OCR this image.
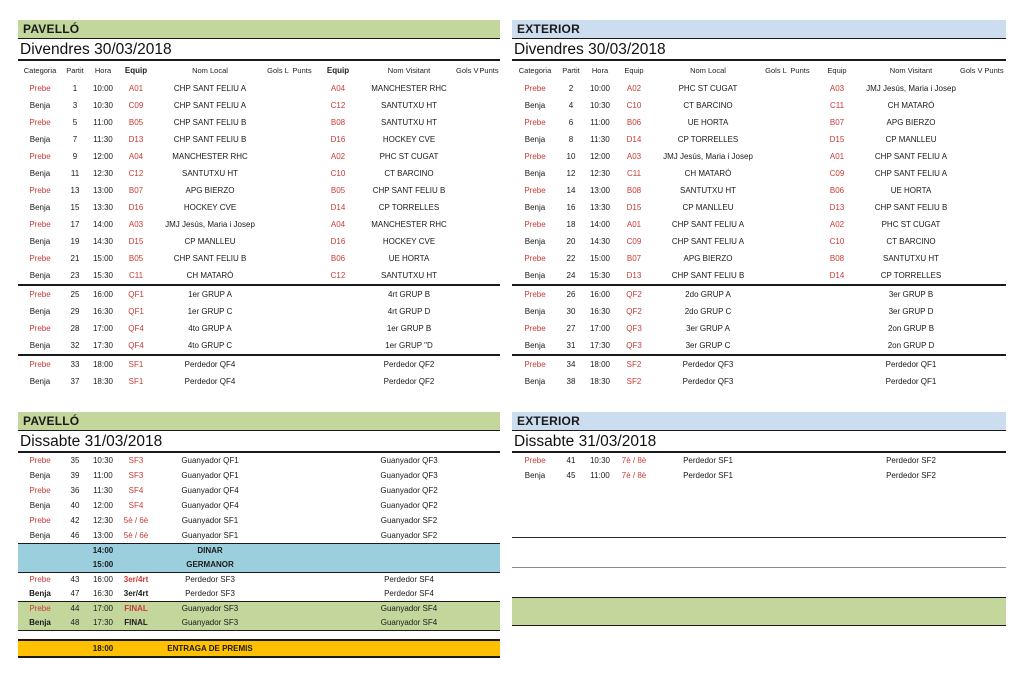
PAVELLÓ
Divendres 30/03/2018
Categoria	Partit	Hora	Equip	Nom Local	Gols L Punts	Equip	Nom Visitant	Gols V Punts
Prebe	1	10:00	A01	CHP SANT FELIU A	A04	MANCHESTER RHC
Benja	3	10:30	C09	CHP SANT FELIU A	C12	SANTUTXU HT
Prebe	5	11:00	B05	CHP SANT FELIU B	B08	SANTUTXU HT
Benja	7	11:30	D13	CHP SANT FELIU B	D16	HOCKEY CVE
Prebe	9	12:00	A04	MANCHESTER RHC	A02	PHC ST CUGAT
Benja	11	12:30	C12	SANTUTXU HT	C10	CT BARCINO
Prebe	13	13:00	B07	APG BIERZO	B05	CHP SANT FELIU B
Benja	15	13:30	D16	HOCKEY CVE	D14	CP TORRELLES
Prebe	17	14:00	A03	JMJ Jesús, Maria i Josep	A04	MANCHESTER RHC
Benja	19	14:30	D15	CP MANLLEU	D16	HOCKEY CVE
Prebe	21	15:00	B05	CHP SANT FELIU B	B06	UE HORTA
Benja	23	15:30	C11	CH MATARÓ	C12	SANTUTXU HT
Prebe	25	16:00	QF1	1er GRUP A	4rt GRUP B
Benja	29	16:30	QF1	1er GRUP C	4rt GRUP D
Prebe	28	17:00	QF4	4to GRUP A	1er GRUP B
Benja	32	17:30	QF4	4to GRUP C	1er GRUP "D
Prebe	33	18:00	SF1	Perdedor QF4	Perdedor QF2
Benja	37	18:30	SF1	Perdedor QF4	Perdedor QF2
EXTERIOR
Divendres 30/03/2018
Categoria	Partit	Hora	Equip	Nom Local	Gols L Punts	Equip	Nom Visitant	Gols V Punts
Prebe	2	10:00	A02	PHC ST CUGAT	A03	JMJ Jesús, Maria i Josep
Benja	4	10:30	C10	CT BARCINO	C11	CH MATARÓ
Prebe	6	11:00	B06	UE HORTA	B07	APG BIERZO
Benja	8	11:30	D14	CP TORRELLES	D15	CP MANLLEU
Prebe	10	12:00	A03	JMJ Jesús, Maria i Josep	A01	CHP SANT FELIU A
Benja	12	12:30	C11	CH MATARÓ	C09	CHP SANT FELIU A
Prebe	14	13:00	B08	SANTUTXU HT	B06	UE HORTA
Benja	16	13:30	D15	CP MANLLEU	D13	CHP SANT FELIU B
Prebe	18	14:00	A01	CHP SANT FELIU A	A02	PHC ST CUGAT
Benja	20	14:30	C09	CHP SANT FELIU A	C10	CT BARCINO
Prebe	22	15:00	B07	APG BIERZO	B08	SANTUTXU HT
Benja	24	15:30	D13	CHP SANT FELIU B	D14	CP TORRELLES
Prebe	26	16:00	QF2	2do GRUP A	3er GRUP B
Benja	30	16:30	QF2	2do GRUP C	3er GRUP D
Prebe	27	17:00	QF3	3er GRUP A	2on GRUP B
Benja	31	17:30	QF3	3er GRUP C	2on GRUP D
Prebe	34	18:00	SF2	Perdedor QF3	Perdedor QF1
Benja	38	18:30	SF2	Perdedor QF3	Perdedor QF1
PAVELLÓ
Dissabte 31/03/2018
Prebe	35	10:30	SF3	Guanyador QF1	Guanyador QF3
Benja	39	11:00	SF3	Guanyador QF1	Guanyador QF3
Prebe	36	11:30	SF4	Guanyador QF4	Guanyador QF2
Benja	40	12:00	SF4	Guanyador QF4	Guanyador QF2
Prebe	42	12:30	5è / 6è	Guanyador SF1	Guanyador SF2
Benja	46	13:00	5è / 6è	Guanyador SF1	Guanyador SF2
14:00	DINAR
15:00	GERMANOR
Prebe	43	16:00	3er/4rt	Perdedor SF3	Perdedor SF4
Benja	47	16:30	3er/4rt	Perdedor SF3	Perdedor SF4
Prebe	44	17:00	FINAL	Guanyador SF3	Guanyador SF4
Benja	48	17:30	FINAL	Guanyador SF3	Guanyador SF4
18:00	ENTRAGA DE PREMIS
EXTERIOR
Dissabte 31/03/2018
Prebe	41	10:30	7è / 8è	Perdedor SF1	Perdedor SF2
Benja	45	11:00	7è / 8è	Perdedor SF1	Perdedor SF2
